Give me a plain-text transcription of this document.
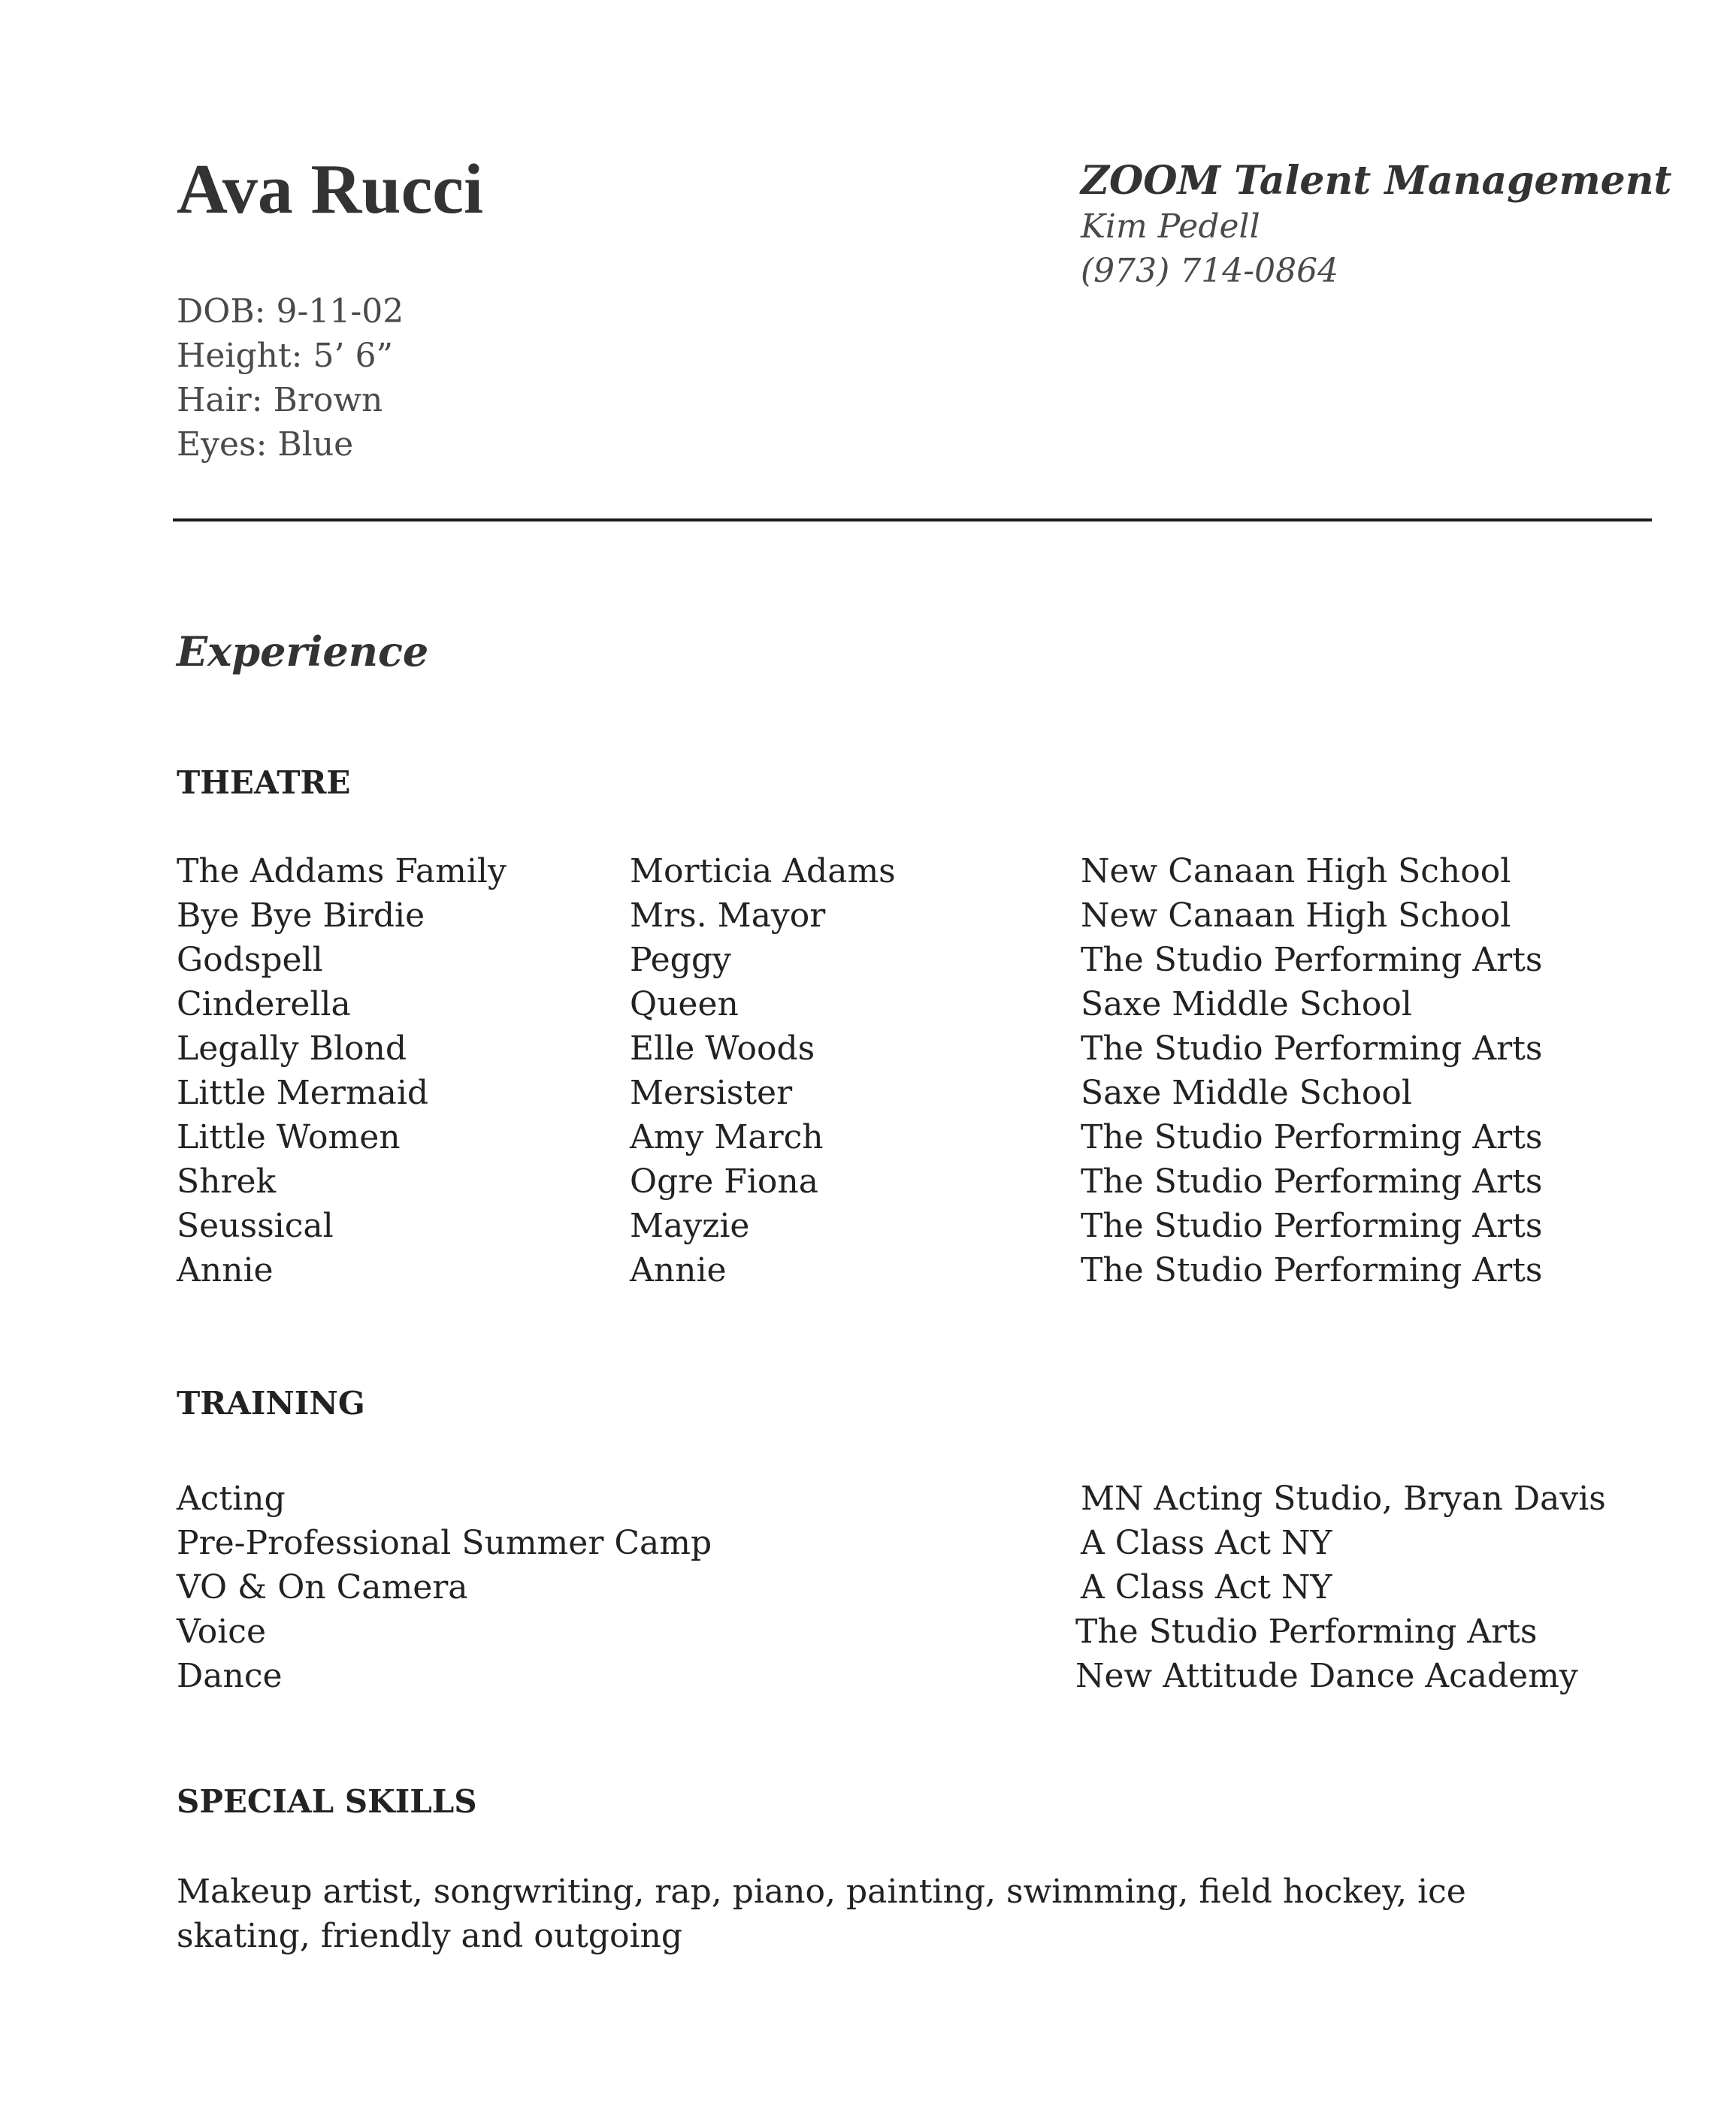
Ava Rucci
DOB: 9-11-02
Height: 5’ 6”
Hair: Brown
Eyes: Blue
ZOOM Talent Management
Kim Pedell
(973) 714-0864
Experience
THEATRE
The Addams Family	Morticia Adams	New Canaan High School
Bye Bye Birdie	Mrs. Mayor	New Canaan High School
Godspell	Peggy	The Studio Performing Arts
Cinderella	Queen	Saxe Middle School
Legally Blond	Elle Woods	The Studio Performing Arts
Little Mermaid	Mersister	Saxe Middle School
Little Women	Amy March	The Studio Performing Arts
Shrek	Ogre Fiona	The Studio Performing Arts
Seussical	Mayzie	The Studio Performing Arts
Annie	Annie	The Studio Performing Arts
TRAINING
Acting	MN Acting Studio, Bryan Davis
Pre-Professional Summer Camp	A Class Act NY
VO & On Camera	A Class Act NY
Voice	The Studio Performing Arts
Dance	New Attitude Dance Academy
SPECIAL SKILLS
Makeup artist, songwriting, rap, piano, painting, swimming, field hockey, ice skating, friendly and outgoing
